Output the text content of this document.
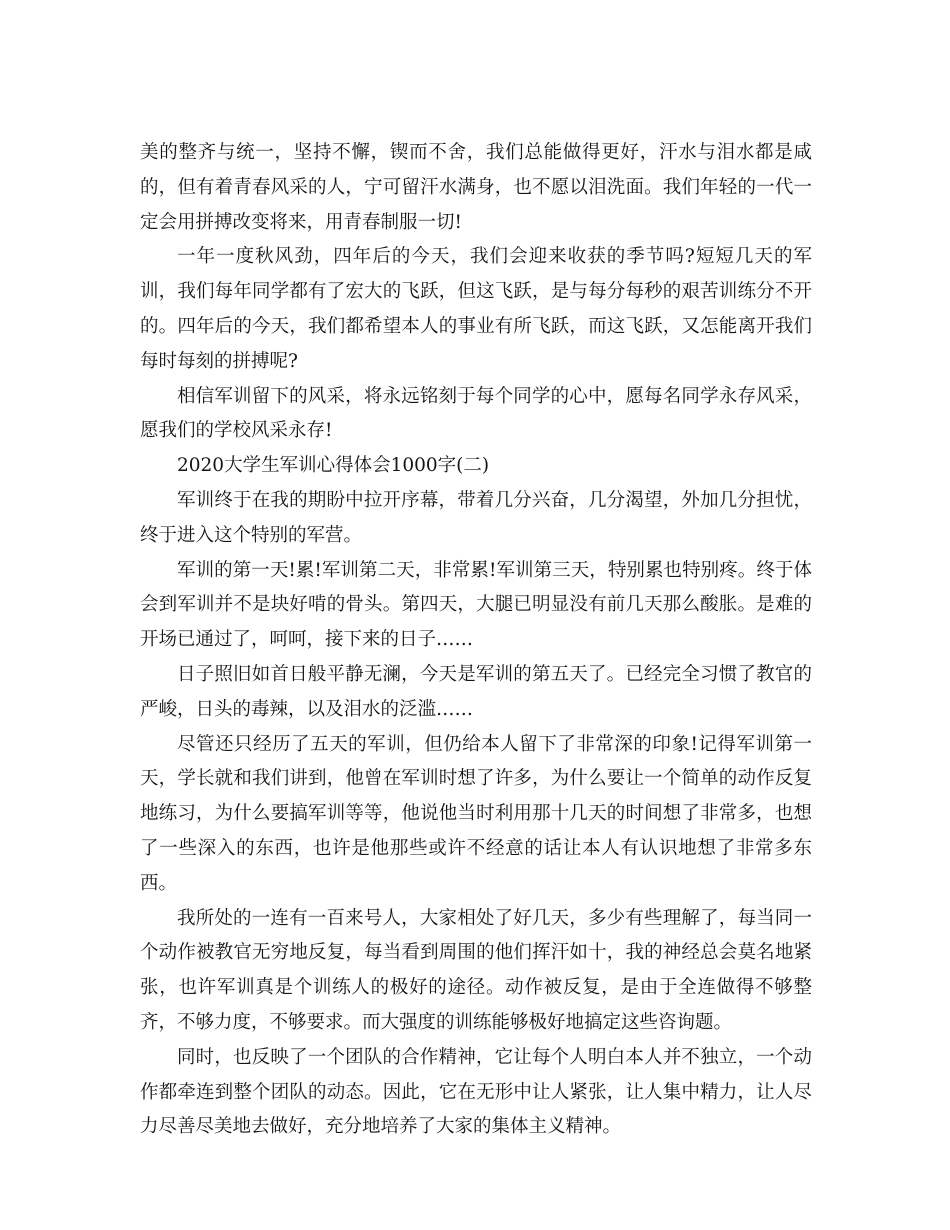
美的整齐与统一，坚持不懈，锲而不舍，我们总能做得更好，汗水与泪水都是咸的，但有着青春风采的人，宁可留汗水满身，也不愿以泪洗面。我们年轻的一代一定会用拼搏改变将来，用青春制服一切!

一年一度秋风劲，四年后的今天，我们会迎来收获的季节吗?短短几天的军训，我们每年同学都有了宏大的飞跃，但这飞跃，是与每分每秒的艰苦训练分不开的。四年后的今天，我们都希望本人的事业有所飞跃，而这飞跃，又怎能离开我们每时每刻的拼搏呢?

相信军训留下的风采，将永远铭刻于每个同学的心中，愿每名同学永存风采，愿我们的学校风采永存!

2020大学生军训心得体会1000字(二)

军训终于在我的期盼中拉开序幕，带着几分兴奋，几分渴望，外加几分担忧，终于进入这个特别的军营。

军训的第一天!累!军训第二天，非常累!军训第三天，特别累也特别疼。终于体会到军训并不是块好啃的骨头。第四天，大腿已明显没有前几天那么酸胀。是难的开场已通过了，呵呵，接下来的日子……

日子照旧如首日般平静无澜，今天是军训的第五天了。已经完全习惯了教官的严峻，日头的毒辣，以及泪水的泛滥……

尽管还只经历了五天的军训，但仍给本人留下了非常深的印象!记得军训第一天，学长就和我们讲到，他曾在军训时想了许多，为什么要让一个简单的动作反复地练习，为什么要搞军训等等，他说他当时利用那十几天的时间想了非常多，也想了一些深入的东西，也许是他那些或许不经意的话让本人有认识地想了非常多东西。

我所处的一连有一百来号人，大家相处了好几天，多少有些理解了，每当同一个动作被教官无穷地反复，每当看到周围的他们挥汗如十，我的神经总会莫名地紧张，也许军训真是个训练人的极好的途径。动作被反复，是由于全连做得不够整齐，不够力度，不够要求。而大强度的训练能够极好地搞定这些咨询题。

同时，也反映了一个团队的合作精神，它让每个人明白本人并不独立，一个动作都牵连到整个团队的动态。因此，它在无形中让人紧张，让人集中精力，让人尽力尽善尽美地去做好，充分地培养了大家的集体主义精神。
